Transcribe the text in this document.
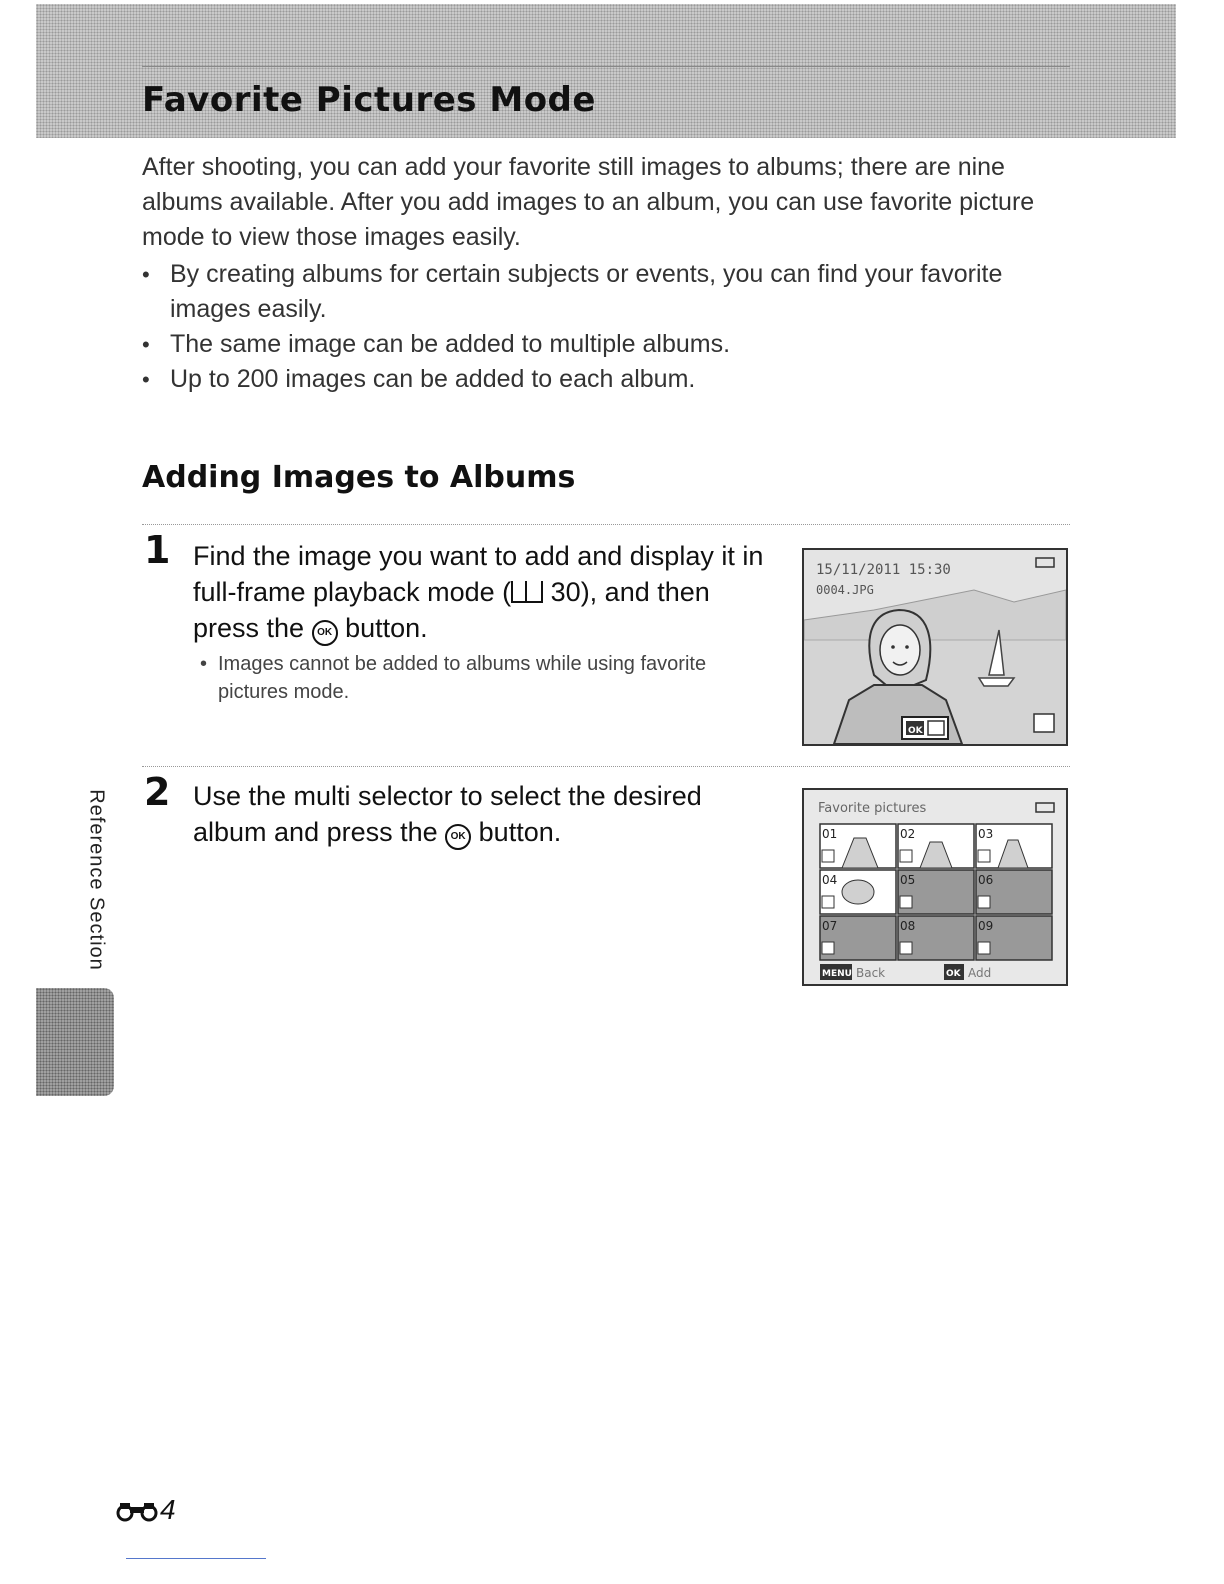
Favorite Pictures Mode

After shooting, you can add your favorite still images to albums; there are nine albums available. After you add images to an album, you can use favorite picture mode to view those images easily.

• By creating albums for certain subjects or events, you can find your favorite images easily.
• The same image can be added to multiple albums.
• Up to 200 images can be added to each album.
Adding Images to Albums
1 Find the image you want to add and display it in full-frame playback mode ( 30), and then press the OK button.
• Images cannot be added to albums while using favorite pictures mode.
15/11/2011 15:30
0004.JPG
OK
2 Use the multi selector to select the desired album and press the OK button.
Favorite pictures
01	02	03
04	05	06
07	08	09
MENU Back	OK Add
Reference Section
4
